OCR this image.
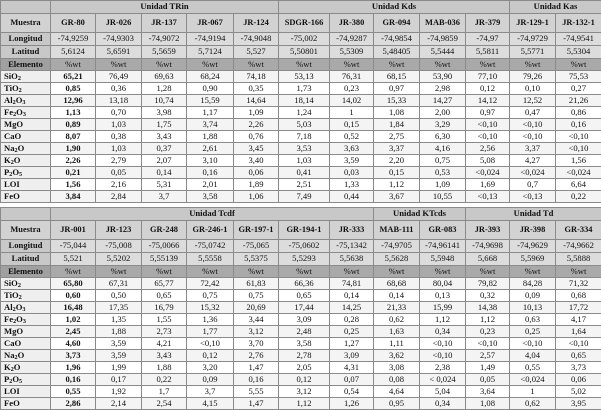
	Unidad TRin					Unidad Kds					Unidad Kas	
Muestra	GR-80	JR-026	JR-137	JR-067	JR-124	SDGR-166	JR-380	GR-094	MAB-036	JR-379	JR-129-1	JR-132-1
Longitud	-74,9259	-74,9303	-74,9072	-74,9194	-74,9048	-75,002	-74,9287	-74,9854	-74,9859	-74,97	-74,9729	-74,9541
Latitud	5,6124	5,6591	5,5659	5,7124	5,527	5,50801	5,5309	5,48405	5,5444	5,5811	5,5771	5,5304
Elemento	%wt	%wt	%wt	%wt	%wt	%wt	%wt	%wt	%wt	%wt	%wt	%wt
SiO$_2$	65,21	76,49	69,63	68,24	74,18	53,13	76,31	68,15	53,90	77,10	79,26	75,53
TiO$_2$	0,85	0,36	1,28	0,90	0,35	1,73	0,23	0,97	2,98	0,12	0,10	0,27
$Al_2O_3$	12,96	13,18	10,74	15,59	14,64	18,14	14,02	15,33	14,27	14,12	12,52	21,26
$Fe_2O_3$	1,13	0,70	3,98	1,17	1,09	1,24	1	1,08	2,00	0,97	0,47	0,86
MgO	0,89	1,03	1,75	3,74	2,26	5,03	0,15	1,84	3,29	<0,10	<0,10	0,16
CaO	8,07	0,38	3,43	1,88	0,76	7,18	0,52	2,75	6,30	<0,10	<0,10	<0,10
$Na_2O$	1,90	1,03	0,37	2,61	3,45	3,53	3,63	3,37	4,16	2,56	3,37	<0,10
$K_2O$	2,26	2,79	2,07	3,10	3,40	1,03	3,59	2,20	0,75	5,08	4,27	1,56
$P_2O_5$	0,21	0,05	0,14	0,16	0,06	0,41	0,03	0,15	0,53	<0,024	<0,024	<0,024
LOI	1,56	2,16	5,31	2,01	1,89	2,51	1,33	1,12	1,09	1,69	0,7	6,64
FeO	3,84	2,84	3,7	3,58	1,06	7,49	0,44	3,67	10,55	<0,13	<0,13	0,22

	Unidad Tcdf							Unidad KTcds		Unidad Td		
Muestra	JR-001	JR-123	GR-248	GR-246-1	GR-197-1	GR-194-1	JR-333	MAB-111	GR-083	JR-393	JR-398	GR-334
Longitud	-75,044	-75,008	-75,0066	-75,0742	-75,065	-75,0602	-75,1342	-74,9705	-74,96141	-74,9698	-74,9629	-74,9662
Latitud	5,521	5,5202	5,55139	5,5558	5,5375	5,5293	5,5638	5,5628	5,5948	5,668	5,5969	5,5888
Elemento	%wt	%wt	%wt	%wt	%wt	%wt	%wt	%wt	%wt	%wt	%wt	%wt
SiO$_2$	65,80	67,31	65,77	72,42	61,83	66,36	74,81	68,68	80,04	79,82	84,28	71,32
TiO$_2$	0,60	0,50	0,65	0,75	0,75	0,65	0,14	0,14	0,13	0,32	0,09	0,68
$Al_2O_3$	16,48	17,35	16,79	15,32	20,69	17,44	14,25	21,33	15,99	14,38	10,13	17,72
$Fe_2O_3$	1,02	1,35	1,55	1,36	3,44	3,09	0,28	0,62	1,12	1,12	0,63	4,17
MgO	2,45	1,88	2,73	1,77	3,12	2,48	0,25	1,63	0,34	0,23	0,25	1,64
CaO	4,60	3,59	4,21	<0,10	3,70	3,58	1,27	1,11	<0,10	<0,10	<0,10	<0,10
$Na_2O$	3,73	3,59	3,43	0,12	2,76	2,78	3,09	3,62	<0,10	2,57	4,04	0,65
$K_2O$	1,96	1,99	1,88	3,20	1,47	2,05	4,31	3,08	2,38	1,49	0,55	3,73
$P_2O_5$	0,16	0,17	0,22	0,09	0,16	0,12	0,07	0,08	< 0,024	0,05	<0,024	0,06
LOI	0,55	1,92	1,7	3,7	5,55	3,12	0,54	4,64	5,04	3,64	1	5,02
FeO	2,86	2,14	2,54	4,15	1,47	1,12	1,26	0,95	0,34	1,08	0,62	3,95
